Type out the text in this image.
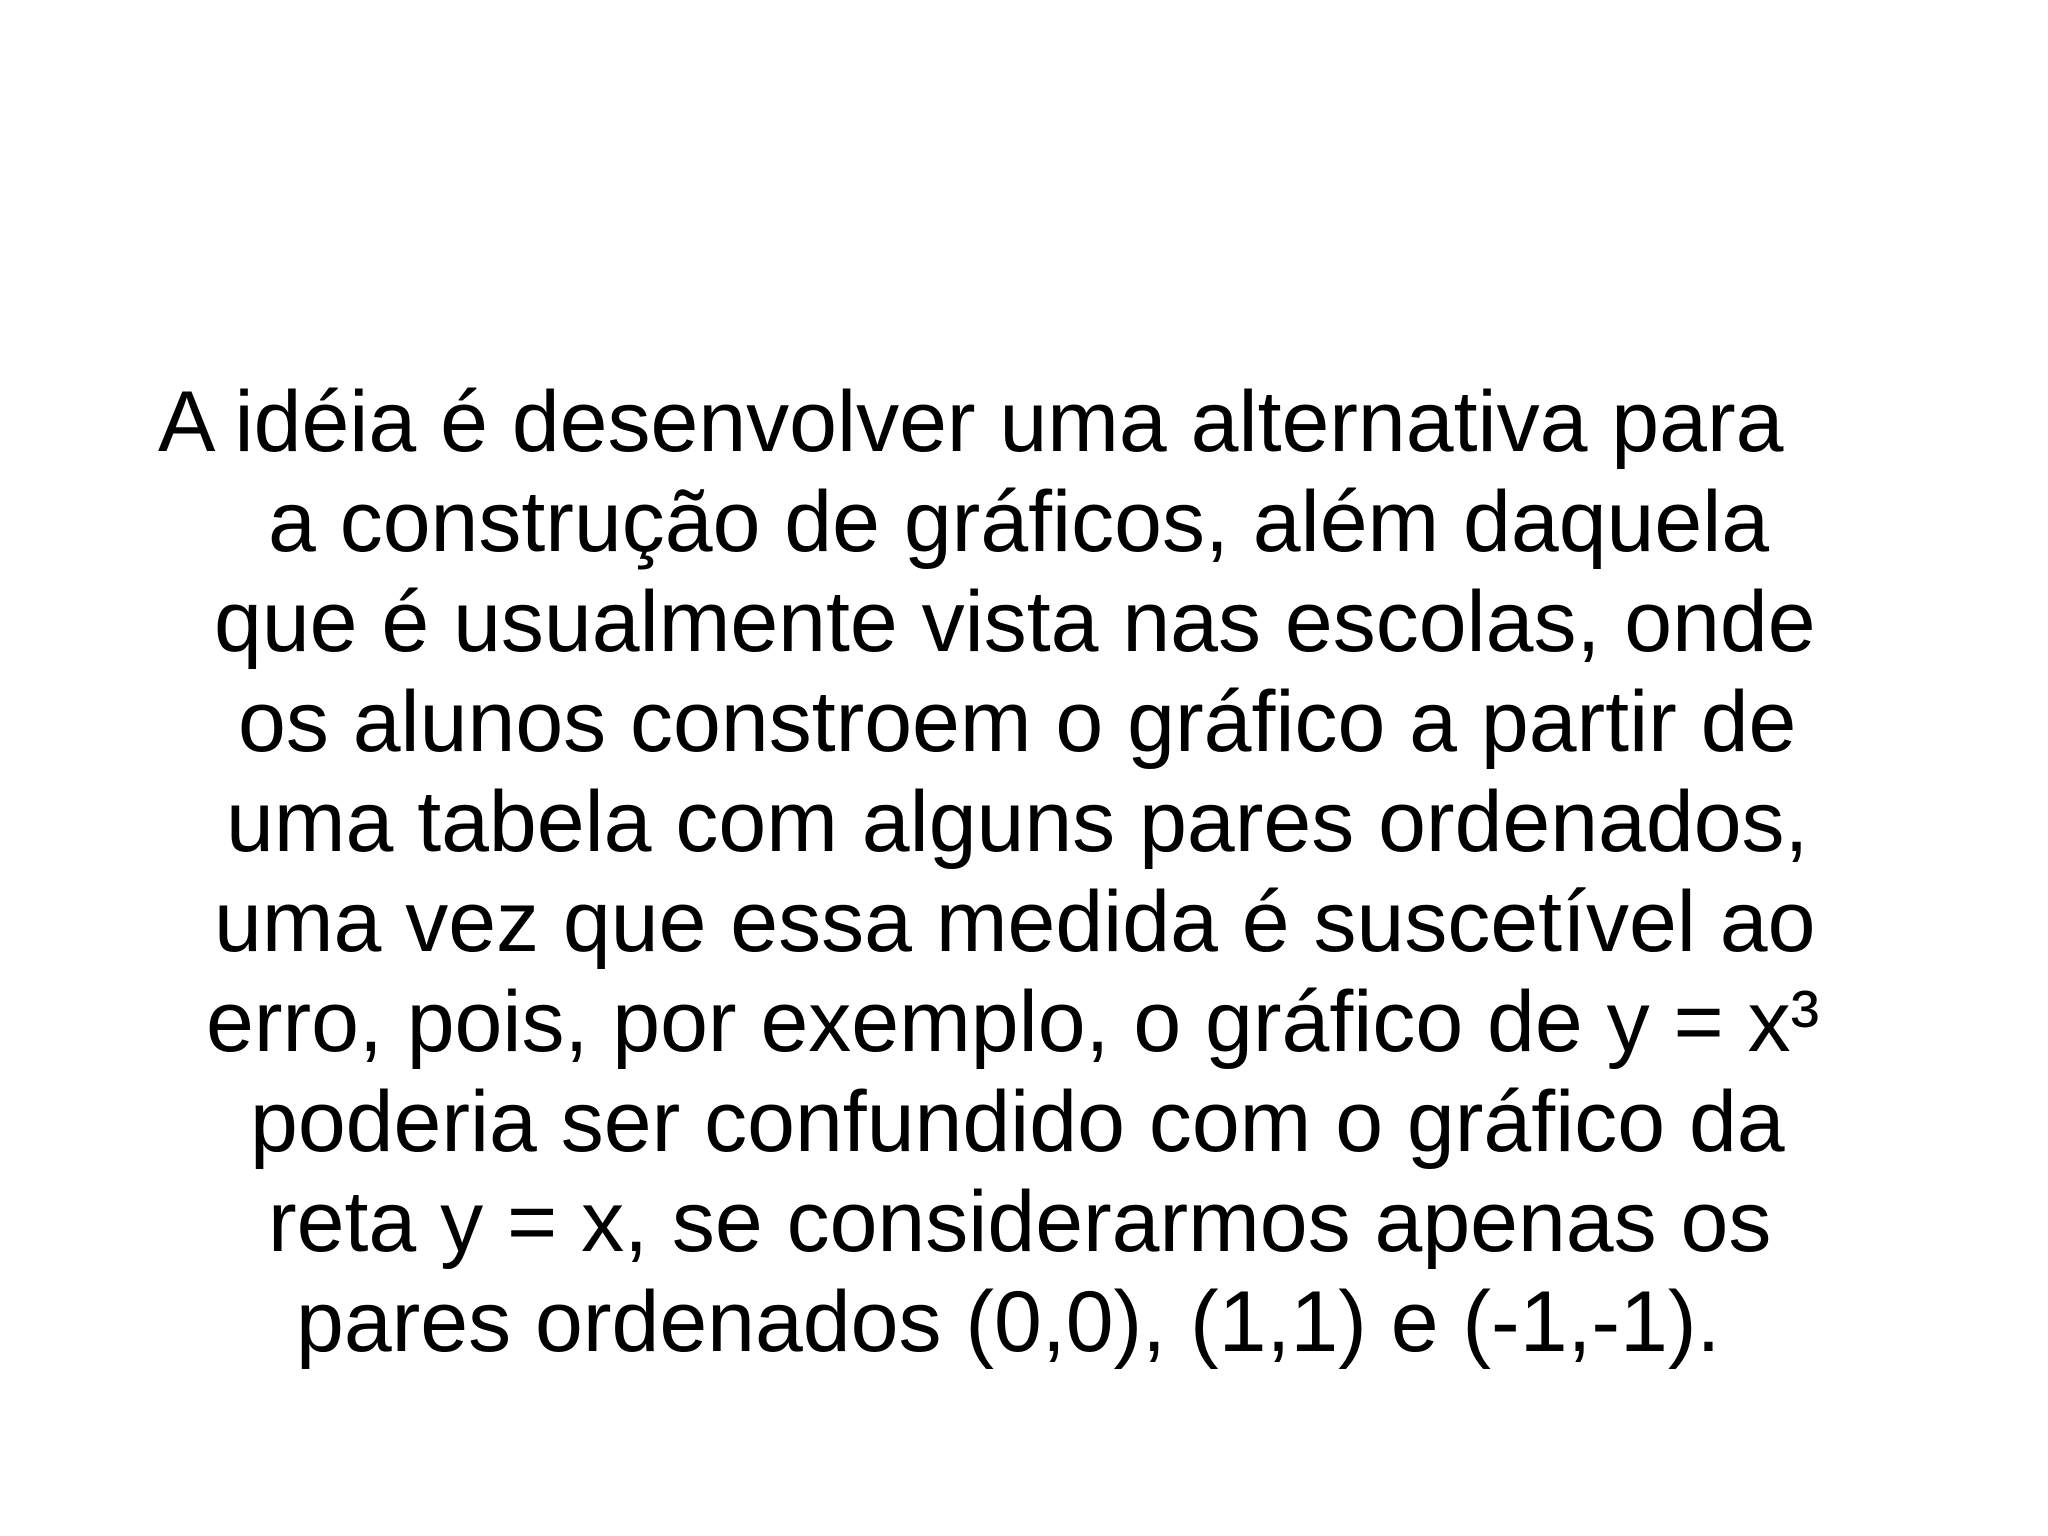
A idéia é desenvolver uma alternativa para
a construção de gráficos, além daquela
que é usualmente vista nas escolas, onde
os alunos constroem o gráfico a partir de
uma tabela com alguns pares ordenados,
uma vez que essa medida é suscetível ao
erro, pois, por exemplo, o gráfico de y = x³
poderia ser confundido com o gráfico da
reta y = x, se considerarmos apenas os
pares ordenados (0,0), (1,1) e (-1,-1).
